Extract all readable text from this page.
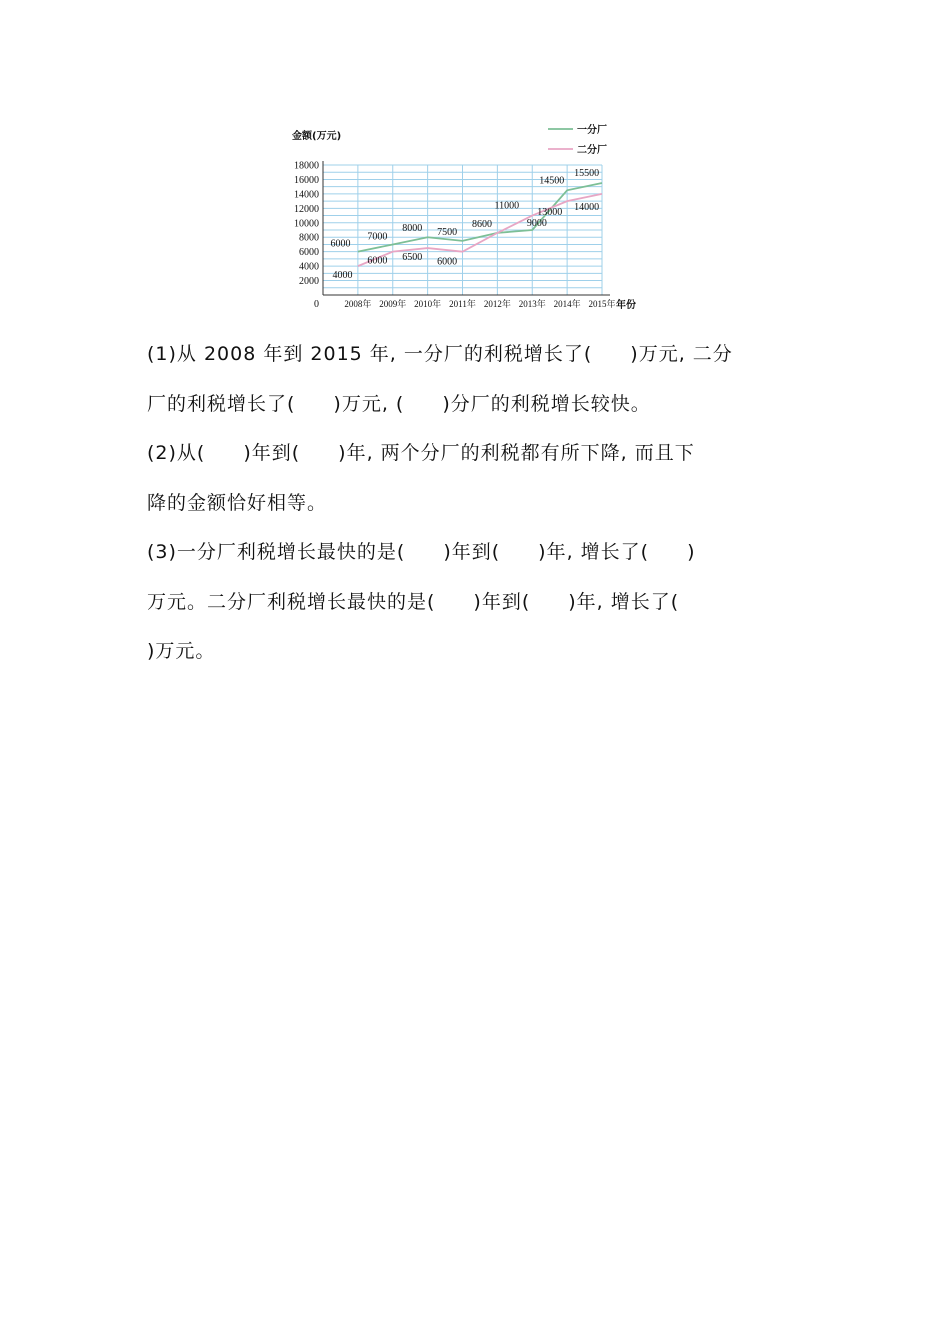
2000
4000
6000
8000
10000
12000
14000
16000
18000
0	2008年 2009年 2010年 2011年 2012年 2013年 2014年 2015年
金额(万元)
年份
6000
7000
8000 7500
8600	9000
14500
15500
4000
6000 6500 6000
11000
13000 14000
一分厂
二分厂
(1)从 2008 年到 2015 年, 一分厂的利税增长了( )万元, 二分
厂的利税增长了( )万元, ( )分厂的利税增长较快。
(2)从( )年到( )年, 两个分厂的利税都有所下降, 而且下
降的金额恰好相等。
(3)一分厂利税增长最快的是( )年到( )年, 增长了( )
万元。二分厂利税增长最快的是( )年到( )年, 增长了(
)万元。
